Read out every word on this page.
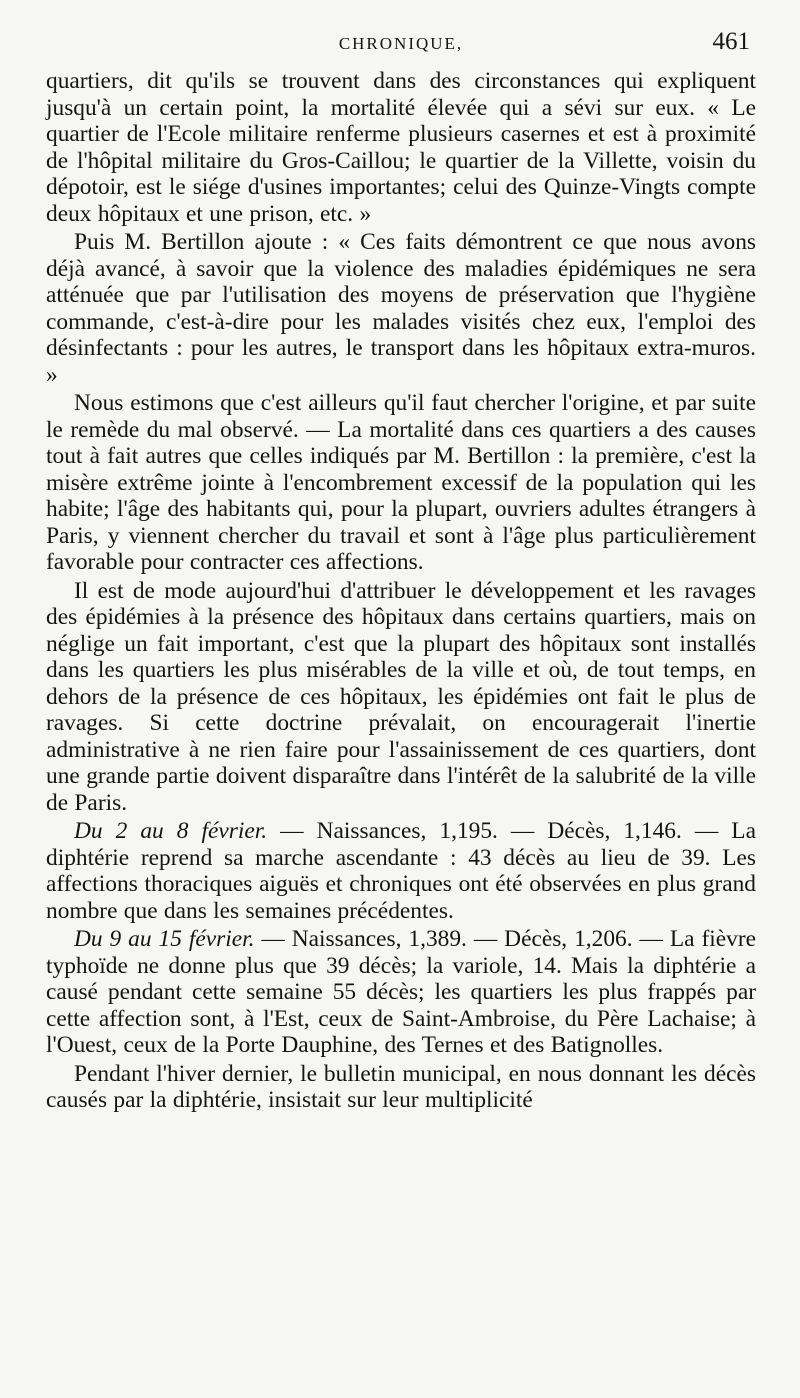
CHRONIQUE,	461

quartiers, dit qu'ils se trouvent dans des circonstances qui expliquent jusqu'à un certain point, la mortalité élevée qui a sévi sur eux. « Le quartier de l'Ecole militaire renferme plusieurs casernes et est à proximité de l'hôpital militaire du Gros-Caillou; le quartier de la Villette, voisin du dépotoir, est le siége d'usines importantes; celui des Quinze-Vingts compte deux hôpitaux et une prison, etc. »

Puis M. Bertillon ajoute : « Ces faits démontrent ce que nous avons déjà avancé, à savoir que la violence des maladies épidémiques ne sera atténuée que par l'utilisation des moyens de préservation que l'hygiène commande, c'est-à-dire pour les malades visités chez eux, l'emploi des désinfectants : pour les autres, le transport dans les hôpitaux extra-muros. »

Nous estimons que c'est ailleurs qu'il faut chercher l'origine, et par suite le remède du mal observé. — La mortalité dans ces quartiers a des causes tout à fait autres que celles indiqués par M. Bertillon : la première, c'est la misère extrême jointe à l'encombrement excessif de la population qui les habite; l'âge des habitants qui, pour la plupart, ouvriers adultes étrangers à Paris, y viennent chercher du travail et sont à l'âge plus particulièrement favorable pour contracter ces affections.

Il est de mode aujourd'hui d'attribuer le développement et les ravages des épidémies à la présence des hôpitaux dans certains quartiers, mais on néglige un fait important, c'est que la plupart des hôpitaux sont installés dans les quartiers les plus misérables de la ville et où, de tout temps, en dehors de la présence de ces hôpitaux, les épidémies ont fait le plus de ravages. Si cette doctrine prévalait, on encouragerait l'inertie administrative à ne rien faire pour l'assainissement de ces quartiers, dont une grande partie doivent disparaître dans l'intérêt de la salubrité de la ville de Paris.

Du 2 au 8 février. — Naissances, 1,195. — Décès, 1,146. — La diphtérie reprend sa marche ascendante : 43 décès au lieu de 39. Les affections thoraciques aiguës et chroniques ont été observées en plus grand nombre que dans les semaines précédentes.

Du 9 au 15 février. — Naissances, 1,389. — Décès, 1,206. — La fièvre typhoïde ne donne plus que 39 décès; la variole, 14. Mais la diphtérie a causé pendant cette semaine 55 décès; les quartiers les plus frappés par cette affection sont, à l'Est, ceux de Saint-Ambroise, du Père Lachaise; à l'Ouest, ceux de la Porte Dauphine, des Ternes et des Batignolles.

Pendant l'hiver dernier, le bulletin municipal, en nous donnant les décès causés par la diphtérie, insistait sur leur multiplicité
